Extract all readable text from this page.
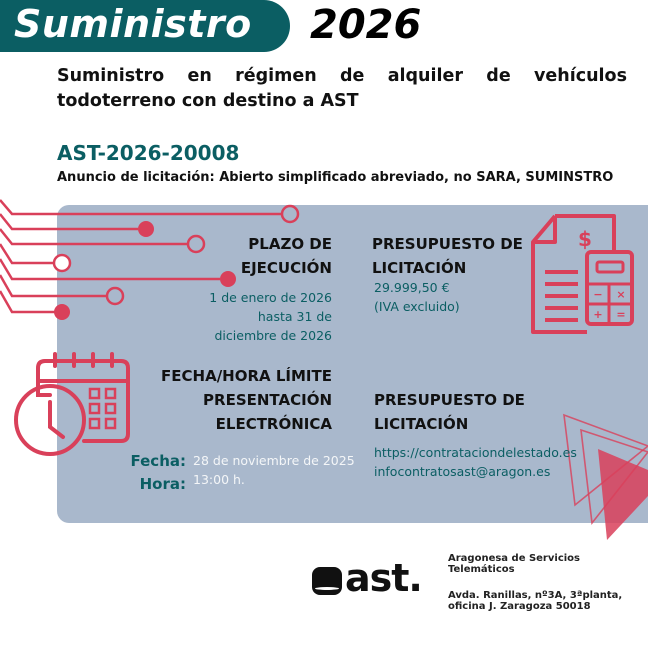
Suministro 2026
Suministro en régimen de alquiler de vehículos todoterreno con destino a AST
AST-2026-20008
Anuncio de licitación: Abierto simplificado abreviado, no SARA, SUMINSTRO
$
− ×
+ =
PLAZO DE
EJECUCIÓN
1 de enero de 2026
hasta 31 de
diciembre de 2026
PRESUPUESTO DE
LICITACIÓN
29.999,50 €
(IVA excluido)
FECHA/HORA LÍMITE
PRESENTACIÓN
ELECTRÓNICA
Fecha:
Hora:
28 de noviembre de 2025
13:00 h.
PRESUPUESTO DE
LICITACIÓN
https://contrataciondelestado.es
infocontratosast@aragon.es
ast.	Aragonesa de Servicios
Telemáticos
Avda. Ranillas, nº3A, 3ªplanta,
oficina J. Zaragoza 50018
